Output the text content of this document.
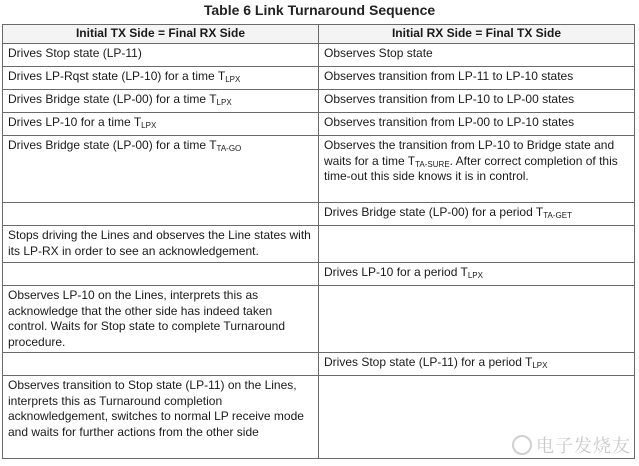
Table 6 Link Turnaround Sequence
Initial TX Side = Final RX Side	Initial RX Side = Final TX Side
Drives Stop state (LP-11)	Observes Stop state
Drives LP-Rqst state (LP-10) for a time $T_{LPX}$	Observes transition from LP-11 to LP-10 states
Drives Bridge state (LP-00) for a time $T_{LPX}$	Observes transition from LP-10 to LP-00 states
Drives LP-10 for a time $T_{LPX}$	Observes transition from LP-00 to LP-10 states
Drives Bridge state (LP-00) for a time $T_{TA-GO}$	Observes the transition from LP-10 to Bridge state and waits for a time $T_{TA-SURE}$. After correct completion of this time-out this side knows it is in control.
	Drives Bridge state (LP-00) for a period $T_{TA-GET}$
Stops driving the Lines and observes the Line states with its LP-RX in order to see an acknowledgement.	
	Drives LP-10 for a period $T_{LPX}$
Observes LP-10 on the Lines, interprets this as acknowledge that the other side has indeed taken control. Waits for Stop state to complete Turnaround procedure.	
	Drives Stop state (LP-11) for a period $T_{LPX}$
Observes transition to Stop state (LP-11) on the Lines, interprets this as Turnaround completion acknowledgement, switches to normal LP receive mode and waits for further actions from the other side	
电子发烧友
